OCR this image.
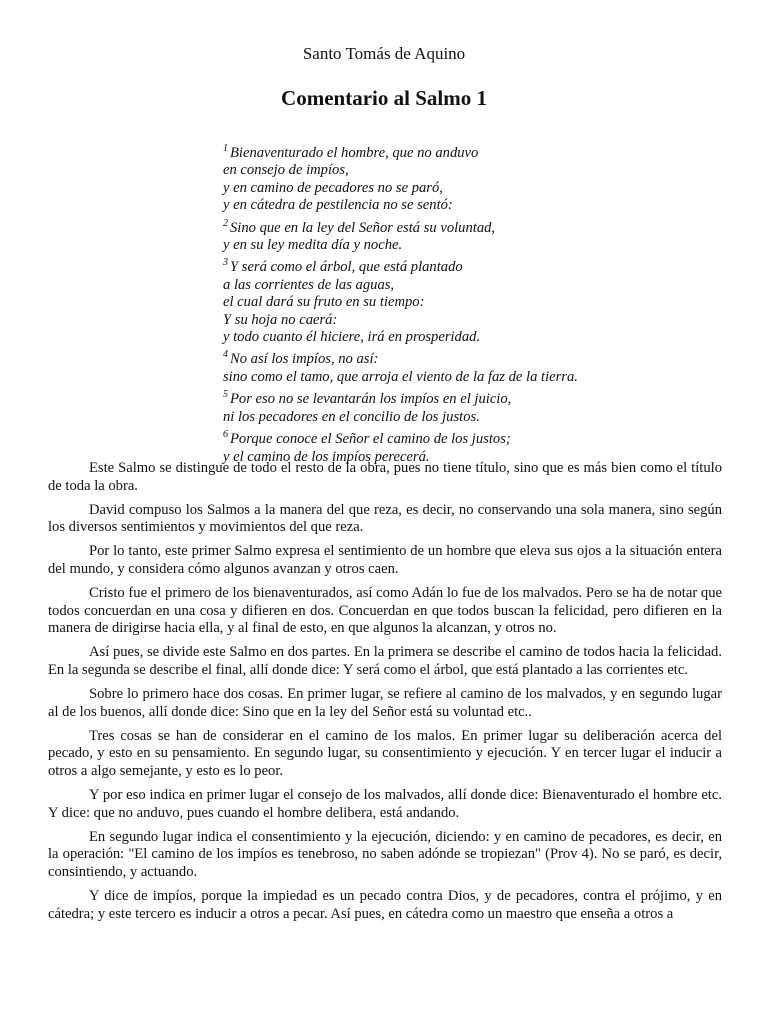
Santo Tomás de Aquino
Comentario al Salmo 1
$^1$ Bienaventurado el hombre, que no anduvo
en consejo de impíos,
y en camino de pecadores no se paró,
y en cátedra de pestilencia no se sentó:
$^2$ Sino que en la ley del Señor está su voluntad,
y en su ley medita día y noche.
$^3$ Y será como el árbol, que está plantado
a las corrientes de las aguas,
el cual dará su fruto en su tiempo:
Y su hoja no caerá:
y todo cuanto él hiciere, irá en prosperidad.
$^4$ No así los impíos, no así:
sino como el tamo, que arroja el viento de la faz de la tierra.
$^5$ Por eso no se levantarán los impíos en el juicio,
ni los pecadores en el concilio de los justos.
$^6$ Porque conoce el Señor el camino de los justos;
y el camino de los impíos perecerá.

Este Salmo se distingue de todo el resto de la obra, pues no tiene título, sino que es más bien como el título de toda la obra.

David compuso los Salmos a la manera del que reza, es decir, no conservando una sola manera, sino según los diversos sentimientos y movimientos del que reza.

Por lo tanto, este primer Salmo expresa el sentimiento de un hombre que eleva sus ojos a la situación entera del mundo, y considera cómo algunos avanzan y otros caen.

Cristo fue el primero de los bienaventurados, así como Adán lo fue de los malvados. Pero se ha de notar que todos concuerdan en una cosa y difieren en dos. Concuerdan en que todos buscan la felicidad, pero difieren en la manera de dirigirse hacia ella, y al final de esto, en que algunos la alcanzan, y otros no.

Así pues, se divide este Salmo en dos partes. En la primera se describe el camino de todos hacia la felicidad. En la segunda se describe el final, allí donde dice: Y será como el árbol, que está plantado a las corrientes etc.

Sobre lo primero hace dos cosas. En primer lugar, se refiere al camino de los malvados, y en segundo lugar al de los buenos, allí donde dice: Sino que en la ley del Señor está su voluntad etc..

Tres cosas se han de considerar en el camino de los malos. En primer lugar su deliberación acerca del pecado, y esto en su pensamiento. En segundo lugar, su consentimiento y ejecución. Y en tercer lugar el inducir a otros a algo semejante, y esto es lo peor.

Y por eso indica en primer lugar el consejo de los malvados, allí donde dice: Bienaventurado el hombre etc. Y dice: que no anduvo, pues cuando el hombre delibera, está andando.

En segundo lugar indica el consentimiento y la ejecución, diciendo: y en camino de pecadores, es decir, en la operación: "El camino de los impíos es tenebroso, no saben adónde se tropiezan" (Prov 4). No se paró, es decir, consintiendo, y actuando.

Y dice de impíos, porque la impiedad es un pecado contra Dios, y de pecadores, contra el prójimo, y en cátedra; y este tercero es inducir a otros a pecar. Así pues, en cátedra como un maestro que enseña a otros a
